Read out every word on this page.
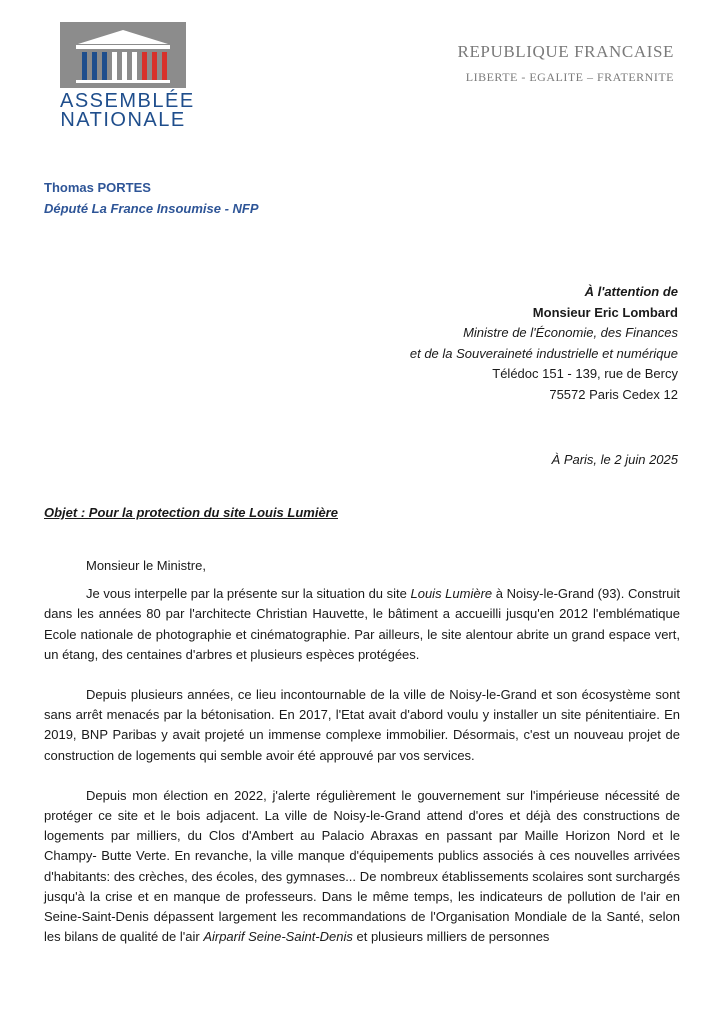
ASSEMBLÉE
NATIONALE
REPUBLIQUE FRANCAISE
LIBERTE - EGALITE – FRATERNITE
Thomas PORTES
Député La France Insoumise - NFP
À l'attention de
Monsieur Eric Lombard
Ministre de l'Économie, des Finances
et de la Souveraineté industrielle et numérique
Télédoc 151 - 139, rue de Bercy
75572 Paris Cedex 12
À Paris, le 2 juin 2025
Objet : Pour la protection du site Louis Lumière
Monsieur le Ministre,

Je vous interpelle par la présente sur la situation du site Louis Lumière à Noisy-le-Grand (93). Construit dans les années 80 par l'architecte Christian Hauvette, le bâtiment a accueilli jusqu'en 2012 l'emblématique Ecole nationale de photographie et cinématographie. Par ailleurs, le site alentour abrite un grand espace vert, un étang, des centaines d'arbres et plusieurs espèces protégées.

Depuis plusieurs années, ce lieu incontournable de la ville de Noisy-le-Grand et son écosystème sont sans arrêt menacés par la bétonisation. En 2017, l'Etat avait d'abord voulu y installer un site pénitentiaire. En 2019, BNP Paribas y avait projeté un immense complexe immobilier. Désormais, c'est un nouveau projet de construction de logements qui semble avoir été approuvé par vos services.

Depuis mon élection en 2022, j'alerte régulièrement le gouvernement sur l'impérieuse nécessité de protéger ce site et le bois adjacent. La ville de Noisy-le-Grand attend d'ores et déjà des constructions de logements par milliers, du Clos d'Ambert au Palacio Abraxas en passant par Maille Horizon Nord et le Champy- Butte Verte. En revanche, la ville manque d'équipements publics associés à ces nouvelles arrivées d'habitants: des crèches, des écoles, des gymnases... De nombreux établissements scolaires sont surchargés jusqu'à la crise et en manque de professeurs. Dans le même temps, les indicateurs de pollution de l'air en Seine-Saint-Denis dépassent largement les recommandations de l'Organisation Mondiale de la Santé, selon les bilans de qualité de l'air Airparif Seine-Saint-Denis et plusieurs milliers de personnes
